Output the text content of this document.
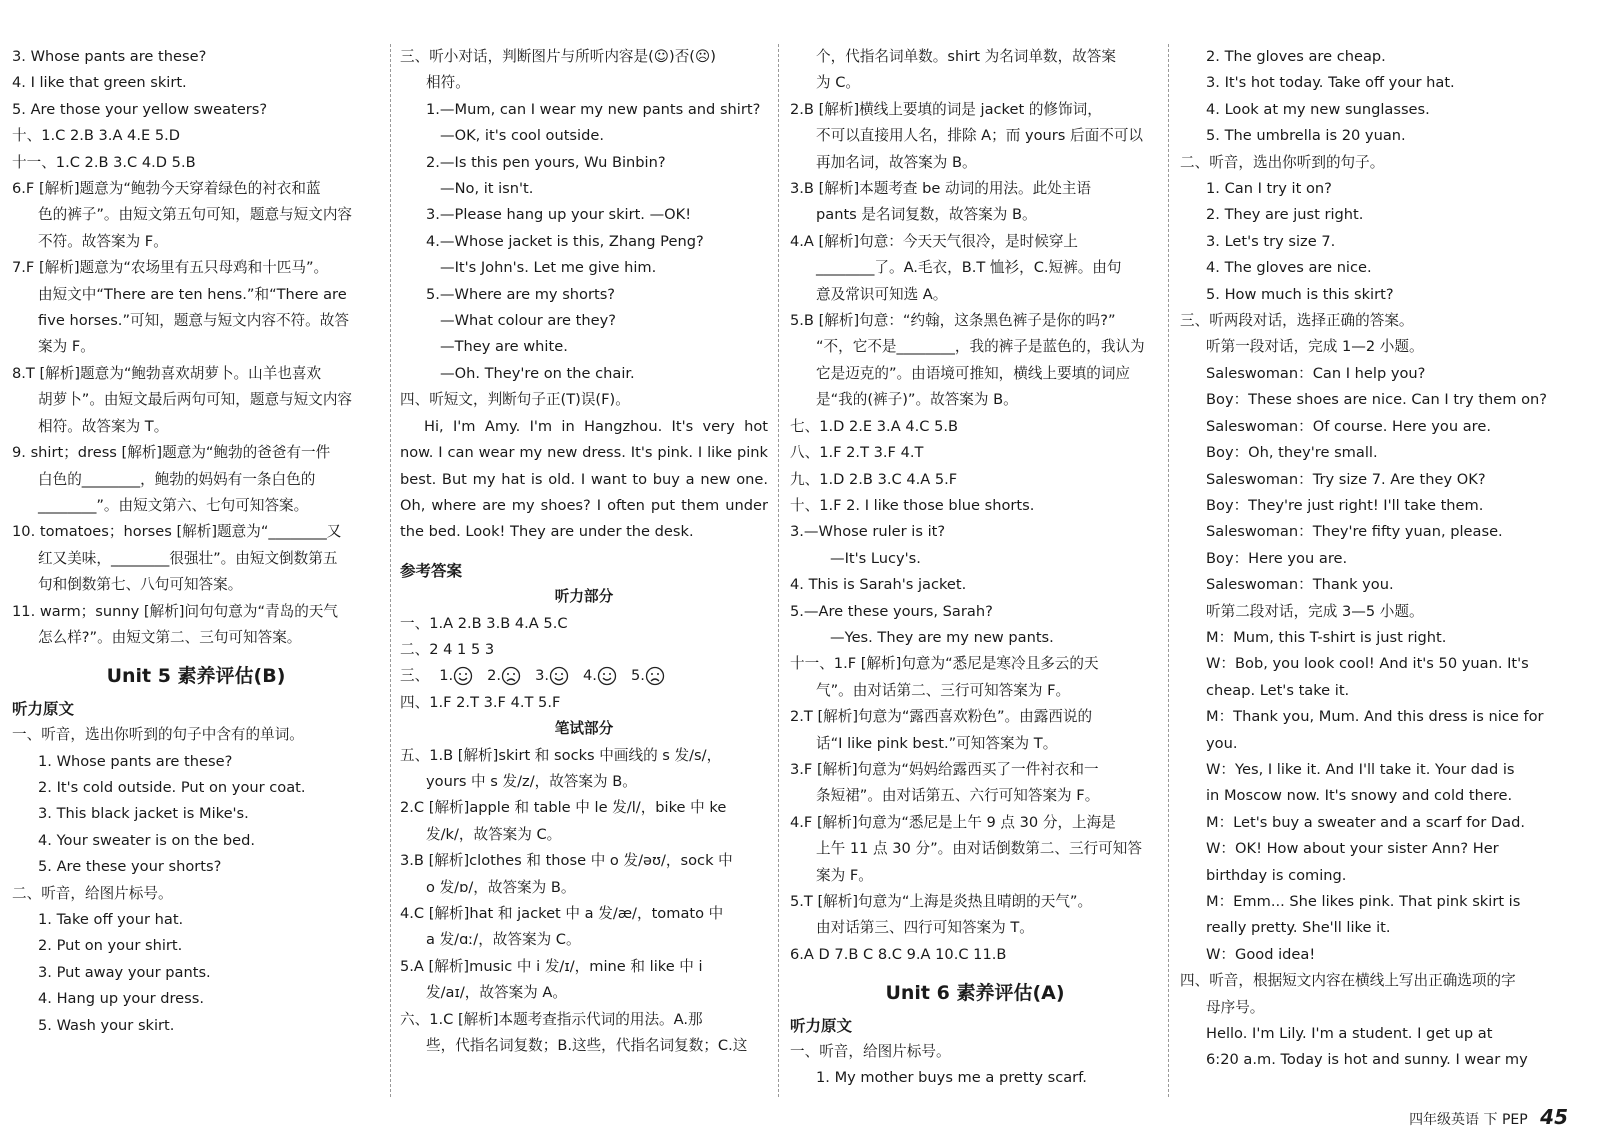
3. Whose pants are these?
4. I like that green skirt.
5. Are those your yellow sweaters?
十、1.C 2.B 3.A 4.E 5.D
十一、1.C 2.B 3.C 4.D 5.B
6.F [解析]题意为“鲍勃今天穿着绿色的衬衣和蓝
色的裤子”。由短文第五句可知，题意与短文内容
不符。故答案为 F。
7.F [解析]题意为“农场里有五只母鸡和十匹马”。
由短文中“There are ten hens.”和“There are
five horses.”可知，题意与短文内容不符。故答
案为 F。
8.T [解析]题意为“鲍勃喜欢胡萝卜。山羊也喜欢
胡萝卜”。由短文最后两句可知，题意与短文内容
相符。故答案为 T。
9. shirt；dress [解析]题意为“鲍勃的爸爸有一件
白色的________，鲍勃的妈妈有一条白色的
________”。由短文第六、七句可知答案。
10. tomatoes；horses [解析]题意为“________又
红又美味，________很强壮”。由短文倒数第五
句和倒数第七、八句可知答案。
11. warm；sunny [解析]问句句意为“青岛的天气
怎么样?”。由短文第二、三句可知答案。
Unit 5 素养评估(B)
听力原文
一、听音，选出你听到的句子中含有的单词。
1. Whose pants are these?
2. It's cold outside. Put on your coat.
3. This black jacket is Mike's.
4. Your sweater is on the bed.
5. Are these your shorts?
二、听音，给图片标号。
1. Take off your hat.
2. Put on your shirt.
3. Put away your pants.
4. Hang up your dress.
5. Wash your skirt.
三、听小对话，判断图片与所听内容是(☺)否(☹)
相符。
1.—Mum, can I wear my new pants and shirt?
—OK, it's cool outside.
2.—Is this pen yours, Wu Binbin?
—No, it isn't.
3.—Please hang up your skirt. —OK!
4.—Whose jacket is this, Zhang Peng?
—It's John's. Let me give him.
5.—Where are my shorts?
—What colour are they?
—They are white.
—Oh. They're on the chair.
四、听短文，判断句子正(T)误(F)。
Hi, I'm Amy. I'm in Hangzhou. It's very hot now. I can wear my new dress. It's pink. I like pink best. But my hat is old. I want to buy a new one. Oh, where are my shoes? I often put them under the bed. Look! They are under the desk.
参考答案
听力部分
一、1.A 2.B 3.B 4.A 5.C
二、2 4 1 5 3
三、 1.	2.	3.	4.	5.
四、1.F 2.T 3.F 4.T 5.F
笔试部分
五、1.B [解析]skirt 和 socks 中画线的 s 发/s/，
yours 中 s 发/z/，故答案为 B。
2.C [解析]apple 和 table 中 le 发/l/，bike 中 ke
发/k/，故答案为 C。
3.B [解析]clothes 和 those 中 o 发/əʊ/，sock 中
o 发/ɒ/，故答案为 B。
4.C [解析]hat 和 jacket 中 a 发/æ/，tomato 中
a 发/ɑː/，故答案为 C。
5.A [解析]music 中 i 发/ɪ/，mine 和 like 中 i
发/aɪ/，故答案为 A。
六、1.C [解析]本题考查指示代词的用法。A.那
些，代指名词复数；B.这些，代指名词复数；C.这
个，代指名词单数。shirt 为名词单数，故答案
为 C。
2.B [解析]横线上要填的词是 jacket 的修饰词，
不可以直接用人名，排除 A；而 yours 后面不可以
再加名词，故答案为 B。
3.B [解析]本题考查 be 动词的用法。此处主语
pants 是名词复数，故答案为 B。
4.A [解析]句意：今天天气很冷，是时候穿上
________了。A.毛衣，B.T 恤衫，C.短裤。由句
意及常识可知选 A。
5.B [解析]句意：“约翰，这条黑色裤子是你的吗?”
“不，它不是________，我的裤子是蓝色的，我认为
它是迈克的”。由语境可推知，横线上要填的词应
是“我的(裤子)”。故答案为 B。
七、1.D 2.E 3.A 4.C 5.B
八、1.F 2.T 3.F 4.T
九、1.D 2.B 3.C 4.A 5.F
十、1.F 2. I like those blue shorts.
3.—Whose ruler is it?
—It's Lucy's.
4. This is Sarah's jacket.
5.—Are these yours, Sarah?
—Yes. They are my new pants.
十一、1.F [解析]句意为“悉尼是寒冷且多云的天
气”。由对话第二、三行可知答案为 F。
2.T [解析]句意为“露西喜欢粉色”。由露西说的
话“I like pink best.”可知答案为 T。
3.F [解析]句意为“妈妈给露西买了一件衬衣和一
条短裙”。由对话第五、六行可知答案为 F。
4.F [解析]句意为“悉尼是上午 9 点 30 分，上海是
上午 11 点 30 分”。由对话倒数第二、三行可知答
案为 F。
5.T [解析]句意为“上海是炎热且晴朗的天气”。
由对话第三、四行可知答案为 T。
6.A D 7.B C 8.C 9.A 10.C 11.B
Unit 6 素养评估(A)
听力原文
一、听音，给图片标号。
1. My mother buys me a pretty scarf.
2. The gloves are cheap.
3. It's hot today. Take off your hat.
4. Look at my new sunglasses.
5. The umbrella is 20 yuan.
二、听音，选出你听到的句子。
1. Can I try it on?
2. They are just right.
3. Let's try size 7.
4. The gloves are nice.
5. How much is this skirt?
三、听两段对话，选择正确的答案。
听第一段对话，完成 1—2 小题。
Saleswoman：Can I help you?
Boy：These shoes are nice. Can I try them on?
Saleswoman：Of course. Here you are.
Boy：Oh, they're small.
Saleswoman：Try size 7. Are they OK?
Boy：They're just right! I'll take them.
Saleswoman：They're fifty yuan, please.
Boy：Here you are.
Saleswoman：Thank you.
听第二段对话，完成 3—5 小题。
M：Mum, this T-shirt is just right.
W：Bob, you look cool! And it's 50 yuan. It's
cheap. Let's take it.
M：Thank you, Mum. And this dress is nice for
you.
W：Yes, I like it. And I'll take it. Your dad is
in Moscow now. It's snowy and cold there.
M：Let's buy a sweater and a scarf for Dad.
W：OK! How about your sister Ann? Her
birthday is coming.
M：Emm... She likes pink. That pink skirt is
really pretty. She'll like it.
W：Good idea!
四、听音，根据短文内容在横线上写出正确选项的字
母序号。
Hello. I'm Lily. I'm a student. I get up at
6:20 a.m. Today is hot and sunny. I wear my
四年级英语 下 PEP 45
